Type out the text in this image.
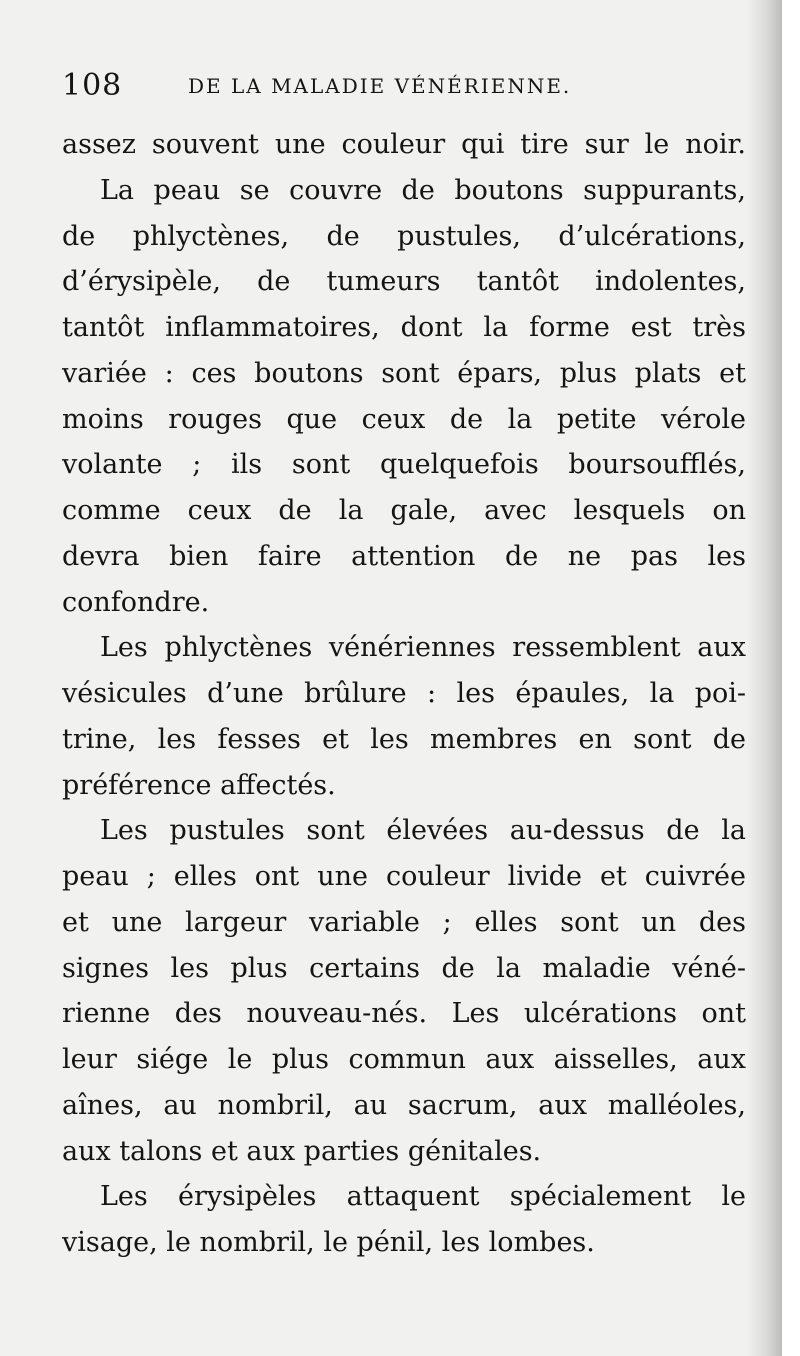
108	DE LA MALADIE VÉNÉRIENNE.
assez souvent une couleur qui tire sur le noir.
La peau se couvre de boutons suppurants,
de phlyctènes, de pustules, d’ulcérations,
d’érysipèle, de tumeurs tantôt indolentes,
tantôt inflammatoires, dont la forme est très
variée : ces boutons sont épars, plus plats et
moins rouges que ceux de la petite vérole
volante ; ils sont quelquefois boursoufflés,
comme ceux de la gale, avec lesquels on
devra bien faire attention de ne pas les
confondre.
Les phlyctènes vénériennes ressemblent aux
vésicules d’une brûlure : les épaules, la poi-
trine, les fesses et les membres en sont de
préférence affectés.
Les pustules sont élevées au-dessus de la
peau ; elles ont une couleur livide et cuivrée
et une largeur variable ; elles sont un des
signes les plus certains de la maladie véné-
rienne des nouveau-nés. Les ulcérations ont
leur siége le plus commun aux aisselles, aux
aînes, au nombril, au sacrum, aux malléoles,
aux talons et aux parties génitales.
Les érysipèles attaquent spécialement le
visage, le nombril, le pénil, les lombes.
